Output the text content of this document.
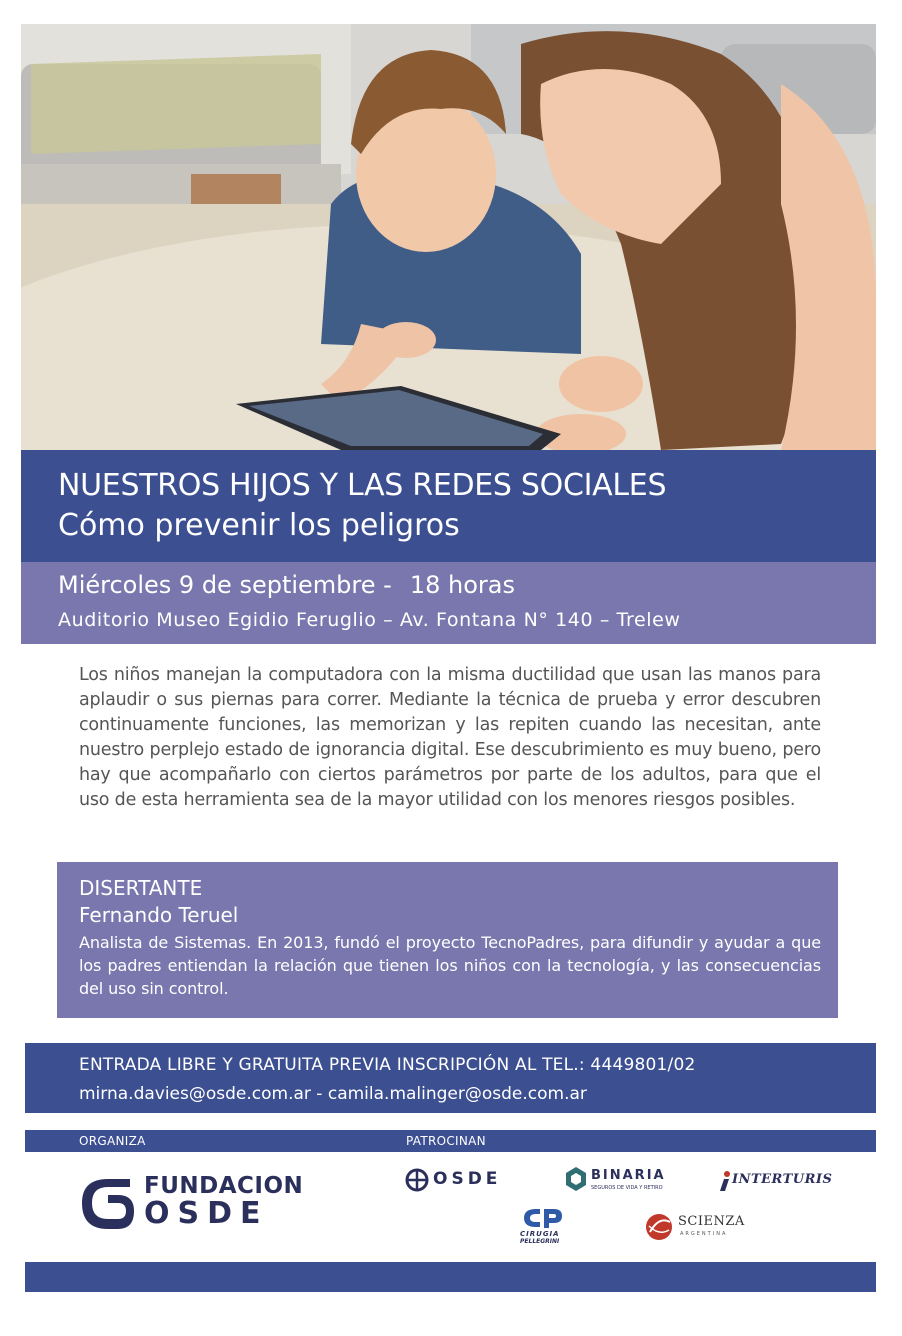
NUESTROS HIJOS Y LAS REDES SOCIALES
Cómo prevenir los peligros
Miércoles 9 de septiembre - 18 horas
Auditorio Museo Egidio Feruglio – Av. Fontana N° 140 – Trelew
Los niños manejan la computadora con la misma ductilidad que usan las manos para aplaudir o sus piernas para correr. Mediante la técnica de prueba y error descubren continuamente funciones, las memorizan y las repiten cuando las necesitan, ante nuestro perplejo estado de ignorancia digital. Ese descubrimiento es muy bueno, pero hay que acompañarlo con ciertos parámetros por parte de los adultos, para que el uso de esta herramienta sea de la mayor utilidad con los menores riesgos posibles.
DISERTANTE
Fernando Teruel
Analista de Sistemas. En 2013, fundó el proyecto TecnoPadres, para difundir y ayudar a que los padres entiendan la relación que tienen los niños con la tecnología, y las consecuencias del uso sin control.
ENTRADA LIBRE Y GRATUITA PREVIA INSCRIPCIÓN AL TEL.: 4449801/02
mirna.davies@osde.com.ar - camila.malinger@osde.com.ar
ORGANIZA	PATROCINAN
FUNDACION
OSDE
OSDE	BINARIA
SEGUROS DE VIDA Y RETIRO
INTERTURIS
CIRUGIA
PELLEGRINI
SCIENZA
ARGENTINA
